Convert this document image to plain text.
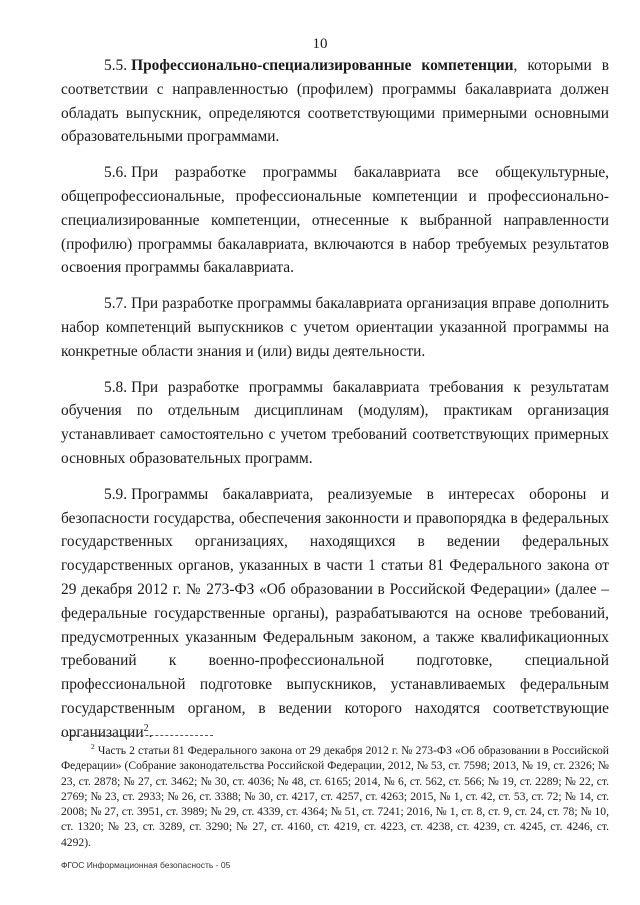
10

5.5. Профессионально-специализированные компетенции, которыми в соответствии с направленностью (профилем) программы бакалавриата должен обладать выпускник, определяются соответствующими примерными основными образовательными программами.

5.6. При разработке программы бакалавриата все общекультурные, общепрофессиональные, профессиональные компетенции и профессионально-специализированные компетенции, отнесенные к выбранной направленности (профилю) программы бакалавриата, включаются в набор требуемых результатов освоения программы бакалавриата.

5.7. При разработке программы бакалавриата организация вправе дополнить набор компетенций выпускников с учетом ориентации указанной программы на конкретные области знания и (или) виды деятельности.

5.8. При разработке программы бакалавриата требования к результатам обучения по отдельным дисциплинам (модулям), практикам организация устанавливает самостоятельно с учетом требований соответствующих примерных основных образовательных программ.

5.9. Программы бакалавриата, реализуемые в интересах обороны и безопасности государства, обеспечения законности и правопорядка в федеральных государственных организациях, находящихся в ведении федеральных государственных органов, указанных в части 1 статьи 81 Федерального закона от 29 декабря 2012 г. № 273-ФЗ «Об образовании в Российской Федерации» (далее – федеральные государственные органы), разрабатываются на основе требований, предусмотренных указанным Федеральным законом, а также квалификационных требований к военно-профессиональной подготовке, специальной профессиональной подготовке выпускников, устанавливаемых федеральным государственным органом, в ведении которого находятся соответствующие организации$^2$.

$^2$ Часть 2 статьи 81 Федерального закона от 29 декабря 2012 г. № 273-ФЗ «Об образовании в Российской Федерации» (Собрание законодательства Российской Федерации, 2012, № 53, ст. 7598; 2013, № 19, ст. 2326; № 23, ст. 2878; № 27, ст. 3462; № 30, ст. 4036; № 48, ст. 6165; 2014, № 6, ст. 562, ст. 566; № 19, ст. 2289; № 22, ст. 2769; № 23, ст. 2933; № 26, ст. 3388; № 30, ст. 4217, ст. 4257, ст. 4263; 2015, № 1, ст. 42, ст. 53, ст. 72; № 14, ст. 2008; № 27, ст. 3951, ст. 3989; № 29, ст. 4339, ст. 4364; № 51, ст. 7241; 2016, № 1, ст. 8, ст. 9, ст. 24, ст. 78; № 10, ст. 1320; № 23, ст. 3289, ст. 3290; № 27, ст. 4160, ст. 4219, ст. 4223, ст. 4238, ст. 4239, ст. 4245, ст. 4246, ст. 4292).

ФГОС Информационная безопасность - 05
